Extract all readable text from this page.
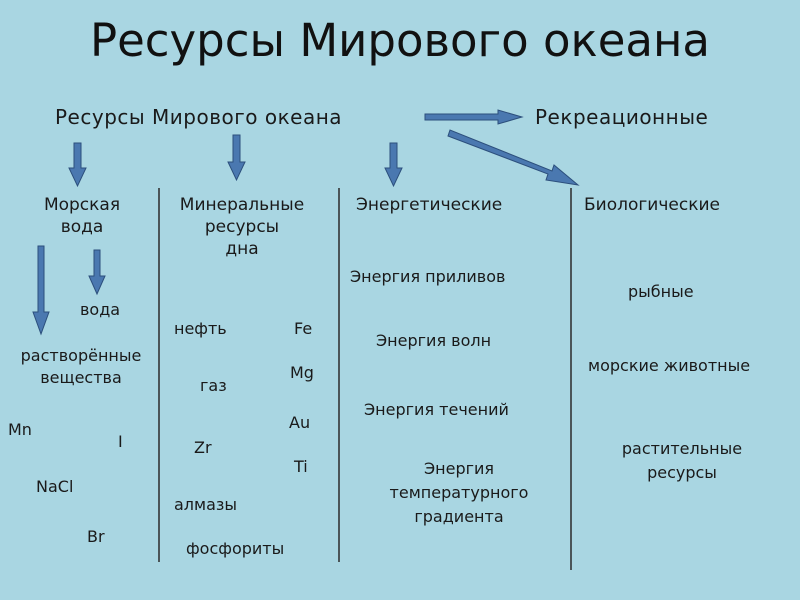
Ресурсы Мирового океана
Ресурсы Мирового океана	Рекреационные
Морская
вода
вода
растворённые
вещества
Mn
I
NaCl
Br
Минеральные
ресурсы
дна
нефть	Fe
Mg
газ
Au
Zr
Ti
алмазы
фосфориты
Энергетические
Энергия приливов
Энергия волн
Энергия течений
Энергия
температурного
градиента
Биологические
рыбные
морские животные
растительные
ресурсы
